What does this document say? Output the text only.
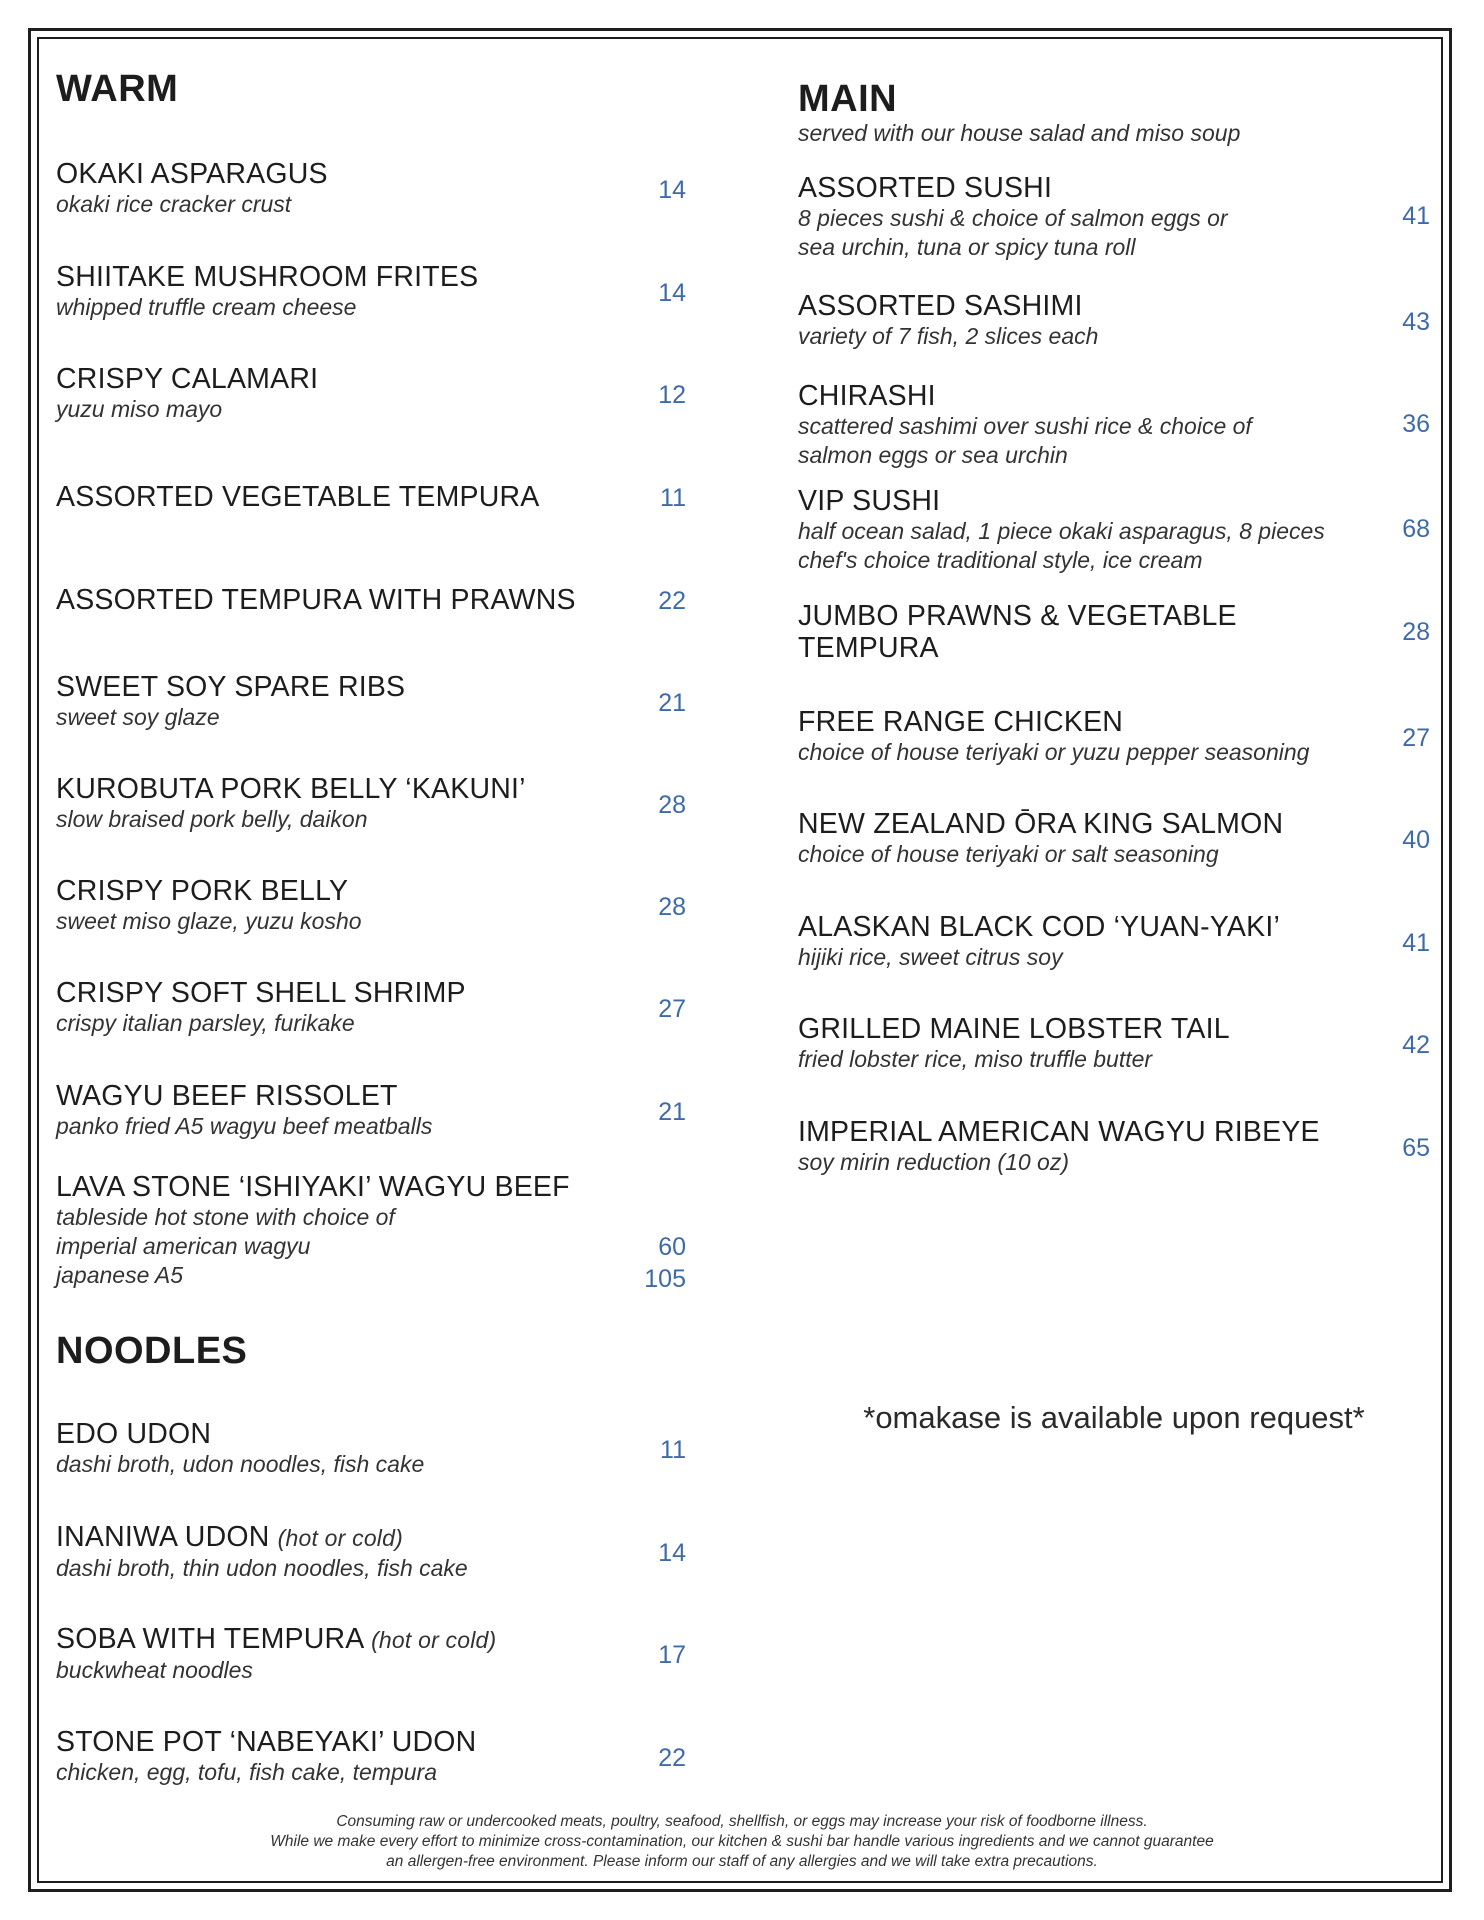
WARM
OKAKI ASPARAGUS
okaki rice cracker crust	14
SHIITAKE MUSHROOM FRITES
whipped truffle cream cheese	14
CRISPY CALAMARI
yuzu miso mayo	12
ASSORTED VEGETABLE TEMPURA	11
ASSORTED TEMPURA WITH PRAWNS	22
SWEET SOY SPARE RIBS
sweet soy glaze	21
KUROBUTA PORK BELLY ‘KAKUNI’
slow braised pork belly, daikon	28
CRISPY PORK BELLY
sweet miso glaze, yuzu kosho	28
CRISPY SOFT SHELL SHRIMP
crispy italian parsley, furikake	27
WAGYU BEEF RISSOLET
panko fried A5 wagyu beef meatballs	21
LAVA STONE ‘ISHIYAKI’ WAGYU BEEF
tableside hot stone with choice of
imperial american wagyu
japanese A5
60
105
NOODLES
EDO UDON
dashi broth, udon noodles, fish cake	11
INANIWA UDON (hot or cold)
dashi broth, thin udon noodles, fish cake
14
SOBA WITH TEMPURA (hot or cold)
buckwheat noodles
17
STONE POT ‘NABEYAKI’ UDON
chicken, egg, tofu, fish cake, tempura	22
MAIN
served with our house salad and miso soup
ASSORTED SUSHI
8 pieces sushi & choice of salmon eggs or sea urchin, tuna or spicy tuna roll
41
ASSORTED SASHIMI
variety of 7 fish, 2 slices each	43
CHIRASHI
scattered sashimi over sushi rice & choice of salmon eggs or sea urchin
36
VIP SUSHI
half ocean salad, 1 piece okaki asparagus, 8 pieces chef's choice traditional style, ice cream
68
JUMBO PRAWNS & VEGETABLE TEMPURA	28
FREE RANGE CHICKEN
choice of house teriyaki or yuzu pepper seasoning	27
NEW ZEALAND ŌRA KING SALMON
choice of house teriyaki or salt seasoning	40
ALASKAN BLACK COD ‘YUAN-YAKI’
hijiki rice, sweet citrus soy	41
GRILLED MAINE LOBSTER TAIL
fried lobster rice, miso truffle butter	42
IMPERIAL AMERICAN WAGYU RIBEYE
soy mirin reduction (10 oz)	65
*omakase is available upon request*
Consuming raw or undercooked meats, poultry, seafood, shellfish, or eggs may increase your risk of foodborne illness.
While we make every effort to minimize cross-contamination, our kitchen & sushi bar handle various ingredients and we cannot guarantee
an allergen-free environment. Please inform our staff of any allergies and we will take extra precautions.
